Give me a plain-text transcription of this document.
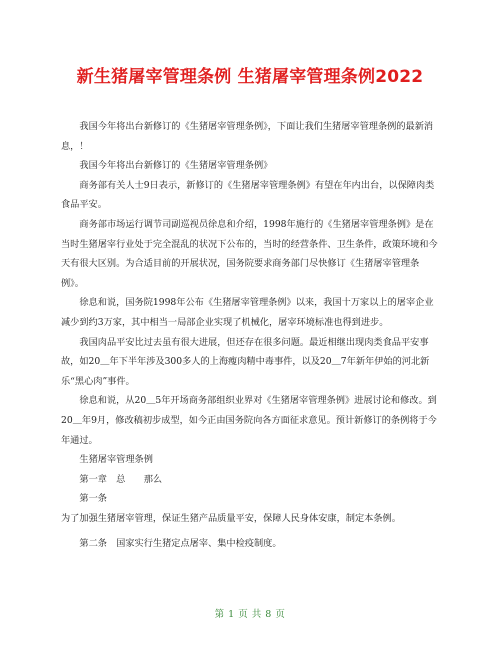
新生猪屠宰管理条例 生猪屠宰管理条例2022

我国今年将出台新修订的《生猪屠宰管理条例》，下面让我们生猪屠宰管理条例的最新消息，！

我国今年将出台新修订的《生猪屠宰管理条例》

商务部有关人士9日表示，新修订的《生猪屠宰管理条例》有望在年内出台，以保障肉类食品平安。

商务部市场运行调节司副巡视员徐息和介绍，1998年施行的《生猪屠宰管理条例》是在当时生猪屠宰行业处于完全混乱的状况下公布的，当时的经营条件、卫生条件，政策环境和今天有很大区别。为合适目前的开展状况，国务院要求商务部门尽快修订《生猪屠宰管理条例》。

徐息和说，国务院1998年公布《生猪屠宰管理条例》以来，我国十万家以上的屠宰企业减少到约3万家，其中相当一局部企业实现了机械化，屠宰环境标准也得到进步。

我国肉品平安比过去虽有很大进展，但还存在很多问题。最近相继出现肉类食品平安事故，如20＿年下半年涉及300多人的上海瘦肉精中毒事件，以及20＿7年新年伊始的河北新乐“黑心肉”事件。

徐息和说，从20＿5年开场商务部组织业界对《生猪屠宰管理条例》进展讨论和修改。到20＿年9月，修改稿初步成型，如今正由国务院向各方面征求意见。预计新修订的条例将于今年通过。

生猪屠宰管理条例

第一章　总　　那么

第一条

为了加强生猪屠宰管理，保证生猪产品质量平安，保障人民身体安康，制定本条例。

第二条　国家实行生猪定点屠宰、集中检疫制度。

第 1 页 共 8 页
